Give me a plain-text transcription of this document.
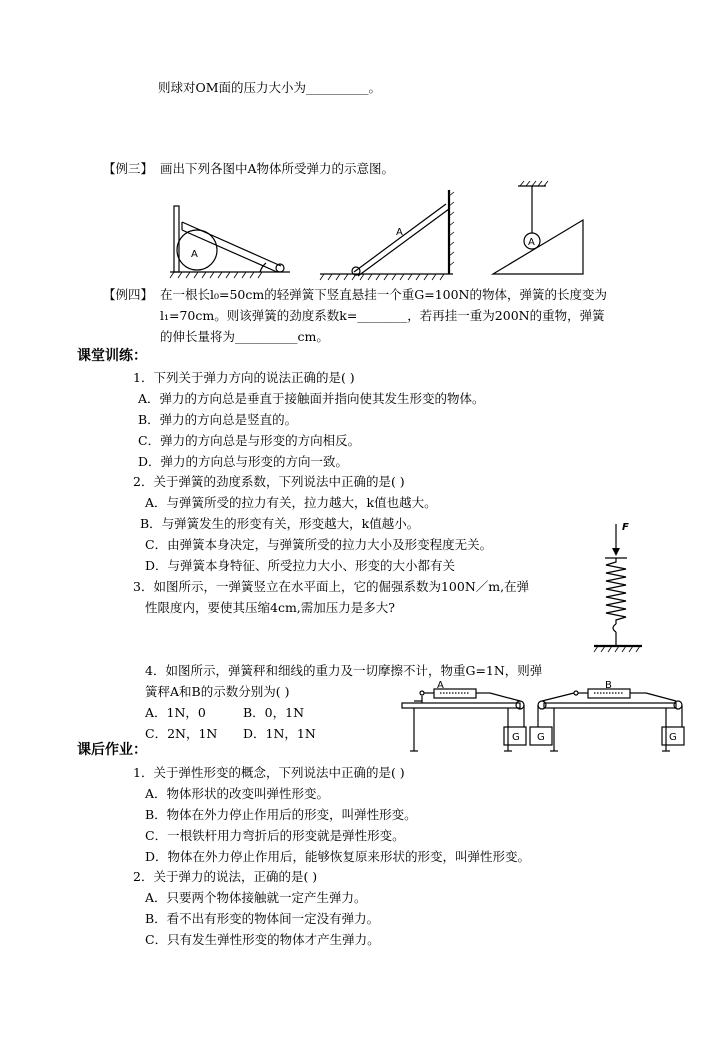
则球对OM面的压力大小为__________。
【例三】 画出下列各图中A物体所受弹力的示意图。
A
A
A
【例四】 在一根长l₀=50cm的轻弹簧下竖直悬挂一个重G=100N的物体，弹簧的长度变为
l₁=70cm。则该弹簧的劲度系数k=________，若再挂一重为200N的重物，弹簧
的伸长量将为__________cm。
课堂训练：
1．下列关于弹力方向的说法正确的是( )
A．弹力的方向总是垂直于接触面并指向使其发生形变的物体。
B．弹力的方向总是竖直的。
C．弹力的方向总是与形变的方向相反。
D．弹力的方向总与形变的方向一致。
2．关于弹簧的劲度系数，下列说法中正确的是( )
A．与弹簧所受的拉力有关，拉力越大，k值也越大。
B．与弹簧发生的形变有关，形变越大，k值越小。
C．由弹簧本身决定，与弹簧所受的拉力大小及形变程度无关。
D．与弹簧本身特征、所受拉力大小、形变的大小都有关
3．如图所示，一弹簧竖立在水平面上，它的倔强系数为100N／m,在弹
性限度内，要使其压缩4cm,需加压力是多大?
F
4．如图所示，弹簧秤和细线的重力及一切摩擦不计，物重G=1N，则弹
簧秤A和B的示数分别为( )
A．1N，0	B．0，1N
C．2N，1N D．1N，1N
A
G G
B
G
课后作业：
1．关于弹性形变的概念，下列说法中正确的是( )
A．物体形状的改变叫弹性形变。
B．物体在外力停止作用后的形变，叫弹性形变。
C．一根铁杆用力弯折后的形变就是弹性形变。
D．物体在外力停止作用后，能够恢复原来形状的形变，叫弹性形变。
2．关于弹力的说法，正确的是( )
A．只要两个物体接触就一定产生弹力。
B．看不出有形变的物体间一定没有弹力。
C．只有发生弹性形变的物体才产生弹力。
